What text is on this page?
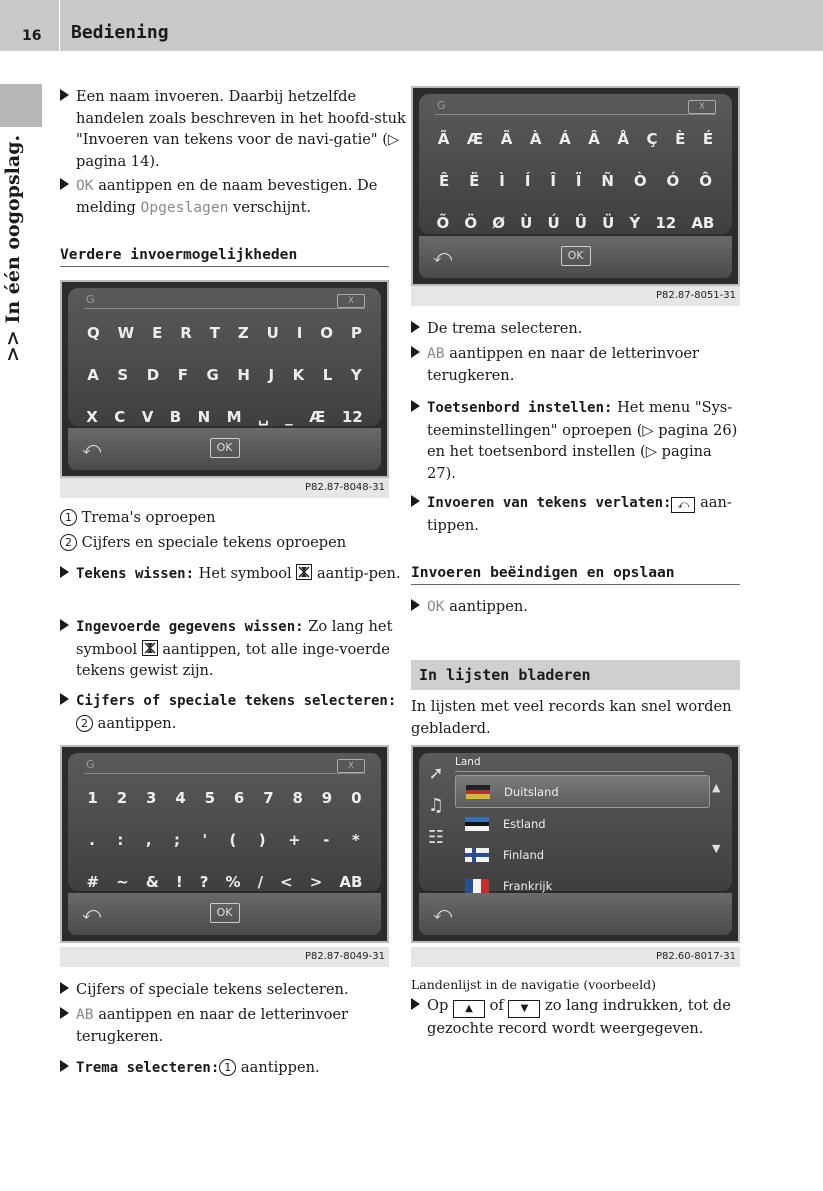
16 Bediening
>> In één oogopslag.
Een naam invoeren. Daarbij hetzelfde handelen zoals beschreven in het hoofd-stuk "Invoeren van tekens voor de navi-gatie" (▷ pagina 14).
OK aantippen en de naam bevestigen. De melding Opgeslagen verschijnt.
Verdere invoermogelijkheden
G	X
Q W E R T Z U I O P
A S D F G H J K L Y
X C V B N M ␣ _ Æ 12
⤺	OK
P82.87-8048-31
1 Trema's oproepen
2 Cijfers en speciale tekens oproepen
Tekens wissen: Het symbool
aantip-pen.
Ingevoerde gegevens wissen: Zo lang het symbool
aantippen, tot alle inge-voerde tekens gewist zijn.
Cijfers of speciale tekens selecteren:2 aantippen.
G	X
1 2 3 4 5 6 7 8 9 0
. : , ; ' ( ) + - *
# ~ & ! ? % / < > AB
⤺	OK
P82.87-8049-31
Cijfers of speciale tekens selecteren.
AB aantippen en naar de letterinvoer terugkeren.
Trema selecteren: 1 aantippen.
G	X
Ã Æ Ã À Á Â Å Ç È É
Ê Ë Ì Í Î Ï Ñ Ò Ó Ô
Õ Ö Ø Ù Ú Û Ü Ý 12 AB
⤺	OK
P82.87-8051-31
De trema selecteren.
AB aantippen en naar de letterinvoer terugkeren.
Toetsenbord instellen: Het menu "Sys-teeminstellingen" oproepen (▷ pagina 26) en het toetsenbord instellen (▷ pagina 27).
Invoeren van tekens verlaten: ⤺ aan-tippen.
Invoeren beëindigen en opslaan
OK aantippen.
In lijsten bladeren

In lijsten met veel records kan snel worden gebladerd.

➚
♫
☷
Land
Duitsland
Estland
Finland
Frankrijk
▲
▼
⤺
P82.60-8017-31
Landenlijst in de navigatie (voorbeeld)
Op ▲ of ▼ zo lang indrukken, tot de gezochte record wordt weergegeven.
